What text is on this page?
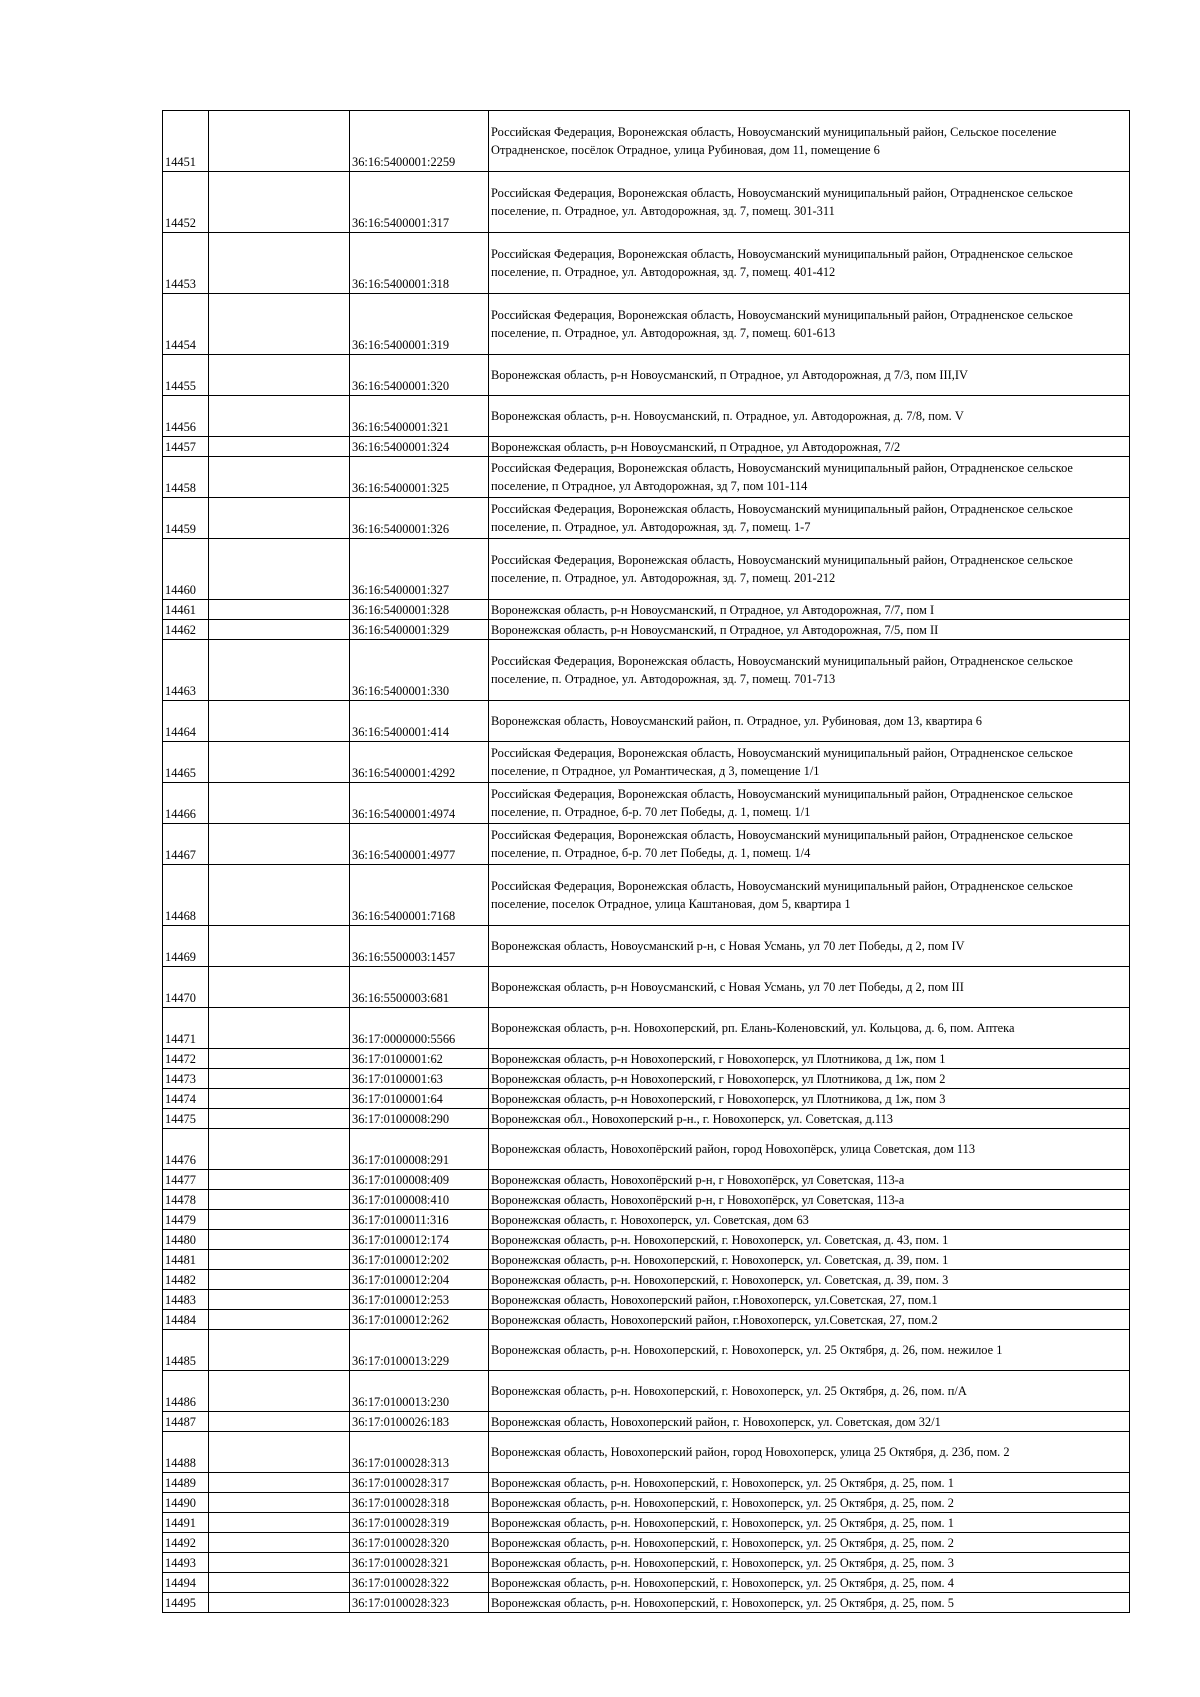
14451		36:16:5400001:2259	Российская Федерация, Воронежская область, Новоусманский муниципальный район, Сельское поселение Отрадненское, посёлок Отрадное, улица Рубиновая, дом 11, помещение 6
14452		36:16:5400001:317	Российская Федерация, Воронежская область, Новоусманский муниципальный район, Отрадненское сельское поселение, п. Отрадное, ул. Автодорожная, зд. 7, помещ. 301-311
14453		36:16:5400001:318	Российская Федерация, Воронежская область, Новоусманский муниципальный район, Отрадненское сельское поселение, п. Отрадное, ул. Автодорожная, зд. 7, помещ. 401-412
14454		36:16:5400001:319	Российская Федерация, Воронежская область, Новоусманский муниципальный район, Отрадненское сельское поселение, п. Отрадное, ул. Автодорожная, зд. 7, помещ. 601-613
14455		36:16:5400001:320	Воронежская область, р-н Новоусманский, п Отрадное, ул Автодорожная, д 7/3, пом III,IV
14456		36:16:5400001:321	Воронежская область, р-н. Новоусманский, п. Отрадное, ул. Автодорожная, д. 7/8, пом. V
14457		36:16:5400001:324	Воронежская область, р-н Новоусманский, п Отрадное, ул Автодорожная, 7/2
14458		36:16:5400001:325	Российская Федерация, Воронежская область, Новоусманский муниципальный район, Отрадненское сельское поселение, п Отрадное, ул Автодорожная, зд 7, пом 101-114
14459		36:16:5400001:326	Российская Федерация, Воронежская область, Новоусманский муниципальный район, Отрадненское сельское поселение, п. Отрадное, ул. Автодорожная, зд. 7, помещ. 1-7
14460		36:16:5400001:327	Российская Федерация, Воронежская область, Новоусманский муниципальный район, Отрадненское сельское поселение, п. Отрадное, ул. Автодорожная, зд. 7, помещ. 201-212
14461		36:16:5400001:328	Воронежская область, р-н Новоусманский, п Отрадное, ул Автодорожная, 7/7, пом I
14462		36:16:5400001:329	Воронежская область, р-н Новоусманский, п Отрадное, ул Автодорожная, 7/5, пом II
14463		36:16:5400001:330	Российская Федерация, Воронежская область, Новоусманский муниципальный район, Отрадненское сельское поселение, п. Отрадное, ул. Автодорожная, зд. 7, помещ. 701-713
14464		36:16:5400001:414	Воронежская область, Новоусманский район, п. Отрадное, ул. Рубиновая, дом 13, квартира 6
14465		36:16:5400001:4292	Российская Федерация, Воронежская область, Новоусманский муниципальный район, Отрадненское сельское поселение, п Отрадное, ул Романтическая, д 3, помещение 1/1
14466		36:16:5400001:4974	Российская Федерация, Воронежская область, Новоусманский муниципальный район, Отрадненское сельское поселение, п. Отрадное, б-р. 70 лет Победы, д. 1, помещ. 1/1
14467		36:16:5400001:4977	Российская Федерация, Воронежская область, Новоусманский муниципальный район, Отрадненское сельское поселение, п. Отрадное, б-р. 70 лет Победы, д. 1, помещ. 1/4
14468		36:16:5400001:7168	Российская Федерация, Воронежская область, Новоусманский муниципальный район, Отрадненское сельское поселение, поселок Отрадное, улица Каштановая, дом 5, квартира 1
14469		36:16:5500003:1457	Воронежская область, Новоусманский р-н, с Новая Усмань, ул 70 лет Победы, д 2, пом IV
14470		36:16:5500003:681	Воронежская область, р-н Новоусманский, с Новая Усмань, ул 70 лет Победы, д 2, пом III
14471		36:17:0000000:5566	Воронежская область, р-н. Новохоперский, рп. Елань-Коленовский, ул. Кольцова, д. 6, пом. Аптека
14472		36:17:0100001:62	Воронежская область, р-н Новохоперский, г Новохоперск, ул Плотникова, д 1ж, пом 1
14473		36:17:0100001:63	Воронежская область, р-н Новохоперский, г Новохоперск, ул Плотникова, д 1ж, пом 2
14474		36:17:0100001:64	Воронежская область, р-н Новохоперский, г Новохоперск, ул Плотникова, д 1ж, пом 3
14475		36:17:0100008:290	Воронежская обл., Новохоперский р-н., г. Новохоперск, ул. Советская, д.113
14476		36:17:0100008:291	Воронежская область, Новохопёрский район, город Новохопёрск, улица Советская, дом 113
14477		36:17:0100008:409	Воронежская область, Новохопёрский р-н, г Новохопёрск, ул Советская, 113-а
14478		36:17:0100008:410	Воронежская область, Новохопёрский р-н, г Новохопёрск, ул Советская, 113-а
14479		36:17:0100011:316	Воронежская область, г. Новохоперск, ул. Советская, дом 63
14480		36:17:0100012:174	Воронежская область, р-н. Новохоперский, г. Новохоперск, ул. Советская, д. 43, пом. 1
14481		36:17:0100012:202	Воронежская область, р-н. Новохоперский, г. Новохоперск, ул. Советская, д. 39, пом. 1
14482		36:17:0100012:204	Воронежская область, р-н. Новохоперский, г. Новохоперск, ул. Советская, д. 39, пом. 3
14483		36:17:0100012:253	Воронежская область, Новохоперский район, г.Новохоперск, ул.Советская, 27, пом.1
14484		36:17:0100012:262	Воронежская область, Новохоперский район, г.Новохоперск, ул.Советская, 27, пом.2
14485		36:17:0100013:229	Воронежская область, р-н. Новохоперский, г. Новохоперск, ул. 25 Октября, д. 26, пом. нежилое 1
14486		36:17:0100013:230	Воронежская область, р-н. Новохоперский, г. Новохоперск, ул. 25 Октября, д. 26, пом. п/А
14487		36:17:0100026:183	Воронежская область, Новохоперский район, г. Новохоперск, ул. Советская, дом 32/1
14488		36:17:0100028:313	Воронежская область, Новохоперский район, город Новохоперск, улица 25 Октября, д. 23б, пом. 2
14489		36:17:0100028:317	Воронежская область, р-н. Новохоперский, г. Новохоперск, ул. 25 Октября, д. 25, пом. 1
14490		36:17:0100028:318	Воронежская область, р-н. Новохоперский, г. Новохоперск, ул. 25 Октября, д. 25, пом. 2
14491		36:17:0100028:319	Воронежская область, р-н. Новохоперский, г. Новохоперск, ул. 25 Октября, д. 25, пом. 1
14492		36:17:0100028:320	Воронежская область, р-н. Новохоперский, г. Новохоперск, ул. 25 Октября, д. 25, пом. 2
14493		36:17:0100028:321	Воронежская область, р-н. Новохоперский, г. Новохоперск, ул. 25 Октября, д. 25, пом. 3
14494		36:17:0100028:322	Воронежская область, р-н. Новохоперский, г. Новохоперск, ул. 25 Октября, д. 25, пом. 4
14495		36:17:0100028:323	Воронежская область, р-н. Новохоперский, г. Новохоперск, ул. 25 Октября, д. 25, пом. 5
